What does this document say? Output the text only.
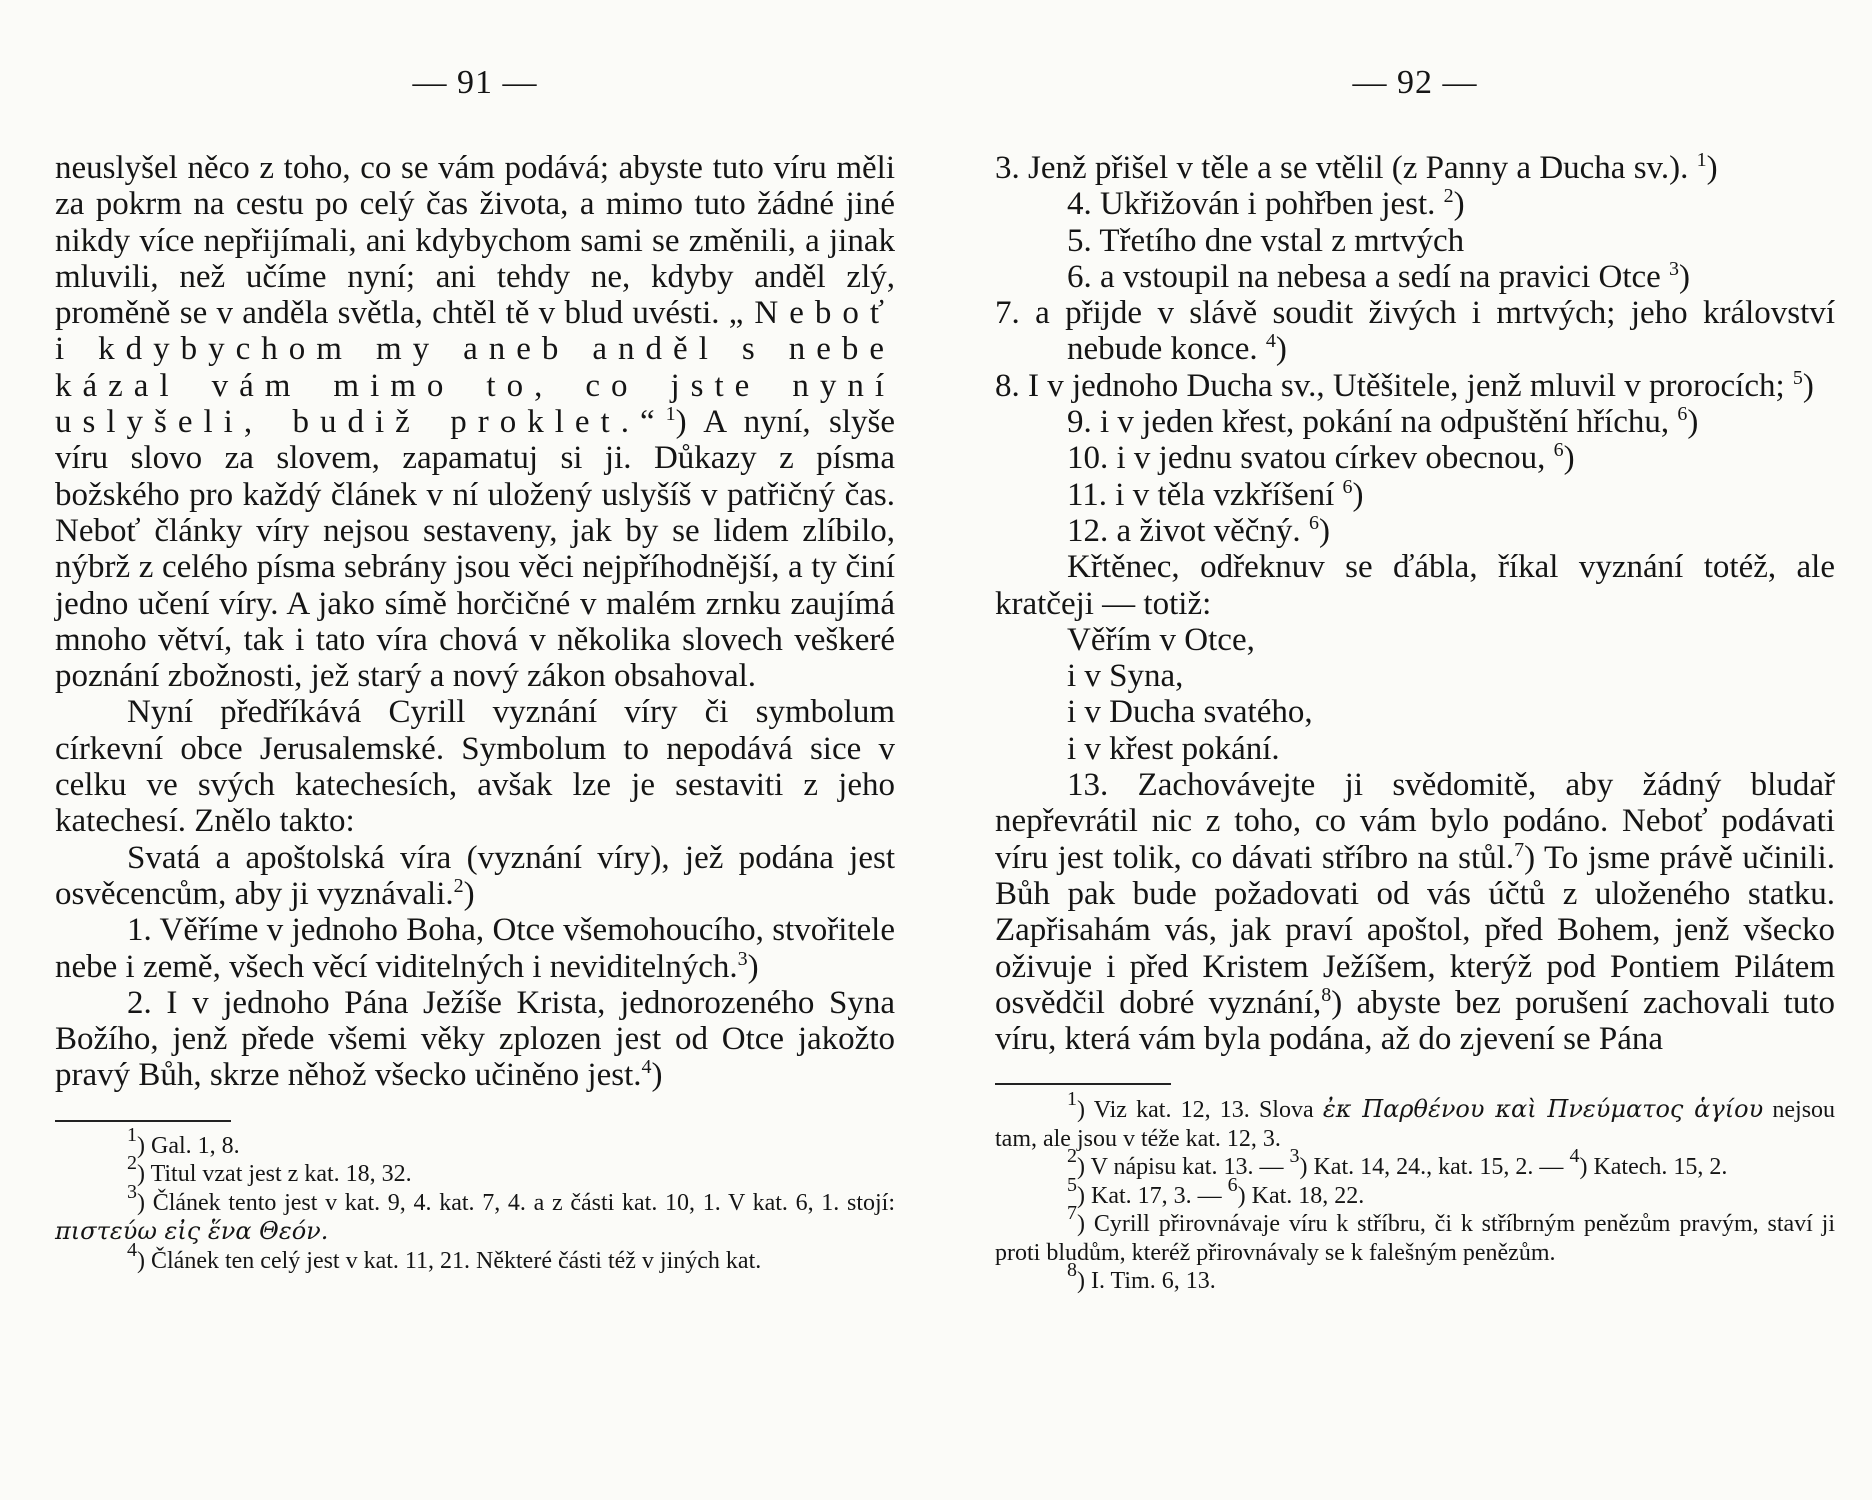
— 91 —

neuslyšel něco z toho, co se vám podává; abyste tuto víru měli za pokrm na cestu po celý čas života, a mimo tuto žádné jiné nikdy více nepřijímali, ani kdybychom sami se změnili, a jinak mluvili, než učíme nyní; ani tehdy ne, kdyby anděl zlý, proměně se v anděla světla, chtěl tě v blud uvésti. „Neboť i kdybychom my aneb anděl s nebe kázal vám mimo to, co jste nyní uslyšeli, budiž proklet.“$^1$) A nyní, slyše víru slovo za slovem, zapamatuj si ji. Důkazy z písma božského pro každý článek v ní uložený uslyšíš v patřičný čas. Neboť články víry nejsou sestaveny, jak by se lidem zlíbilo, nýbrž z celého písma sebrány jsou věci nejpříhodnější, a ty činí jedno učení víry. A jako símě horčičné v malém zrnku zaujímá mnoho větví, tak i tato víra chová v několika slovech veškeré poznání zbožnosti, jež starý a nový zákon obsahoval.

Nyní předříkává Cyrill vyznání víry či symbolum církevní obce Jerusalemské. Symbolum to nepodává sice v celku ve svých katechesích, avšak lze je sestaviti z jeho katechesí. Znělo takto:

Svatá a apoštolská víra (vyznání víry), jež podána jest osvěcencům, aby ji vyznávali.$^2$)

1. Věříme v jednoho Boha, Otce všemohoucího, stvořitele nebe i země, všech věcí viditelných i neviditelných.$^3$)

2. I v jednoho Pána Ježíše Krista, jednorozeného Syna Božího, jenž přede všemi věky zplozen jest od Otce jakožto pravý Bůh, skrze něhož všecko učiněno jest.$^4$)

$^1$) Gal. 1, 8.

$^2$) Titul vzat jest z kat. 18, 32.

$^3$) Článek tento jest v kat. 9, 4. kat. 7, 4. a z části kat. 10, 1. V kat. 6, 1. stojí: πιστεύω εἰς ἕνα Θεόν.

$^4$) Článek ten celý jest v kat. 11, 21. Některé části též v jiných kat.

— 92 —

3. Jenž přišel v těle a se vtělil (z Panny a Ducha sv.). $^1$)

4. Ukřižován i pohřben jest. $^2$)

5. Třetího dne vstal z mrtvých

6. a vstoupil na nebesa a sedí na pravici Otce $^3$)

7. a přijde v slávě soudit živých i mrtvých; jeho království nebude konce. $^4$)

8. I v jednoho Ducha sv., Utěšitele, jenž mluvil v prorocích; $^5$)

9. i v jeden křest, pokání na odpuštění hříchu, $^6$)

10. i v jednu svatou církev obecnou, $^6$)

11. i v těla vzkříšení $^6$)

12. a život věčný. $^6$)

Křtěnec, odřeknuv se ďábla, říkal vyznání totéž, ale kratčeji — totiž:

Věřím v Otce,

i v Syna,

i v Ducha svatého,

i v křest pokání.

13. Zachovávejte ji svědomitě, aby žádný bludař nepřevrátil nic z toho, co vám bylo podáno. Neboť podávati víru jest tolik, co dávati stříbro na stůl.$^7$) To jsme právě učinili. Bůh pak bude požadovati od vás účtů z uloženého statku. Zapřisahám vás, jak praví apoštol, před Bohem, jenž všecko oživuje i před Kristem Ježíšem, kterýž pod Pontiem Pilátem osvědčil dobré vyznání,$^8$) abyste bez porušení zachovali tuto víru, která vám byla podána, až do zjevení se Pána

$^1$) Viz kat. 12, 13. Slova ἐκ Παρθένου καὶ Πνεύματος ἁγίου nejsou tam, ale jsou v téže kat. 12, 3.

$^2$) V nápisu kat. 13. — $^3$) Kat. 14, 24., kat. 15, 2. — $^4$) Katech. 15, 2.

$^5$) Kat. 17, 3. — $^6$) Kat. 18, 22.

$^7$) Cyrill přirovnávaje víru k stříbru, či k stříbrným penězům pravým, staví ji proti bludům, kteréž přirovnávaly se k falešným penězům.

$^8$) I. Tim. 6, 13.
